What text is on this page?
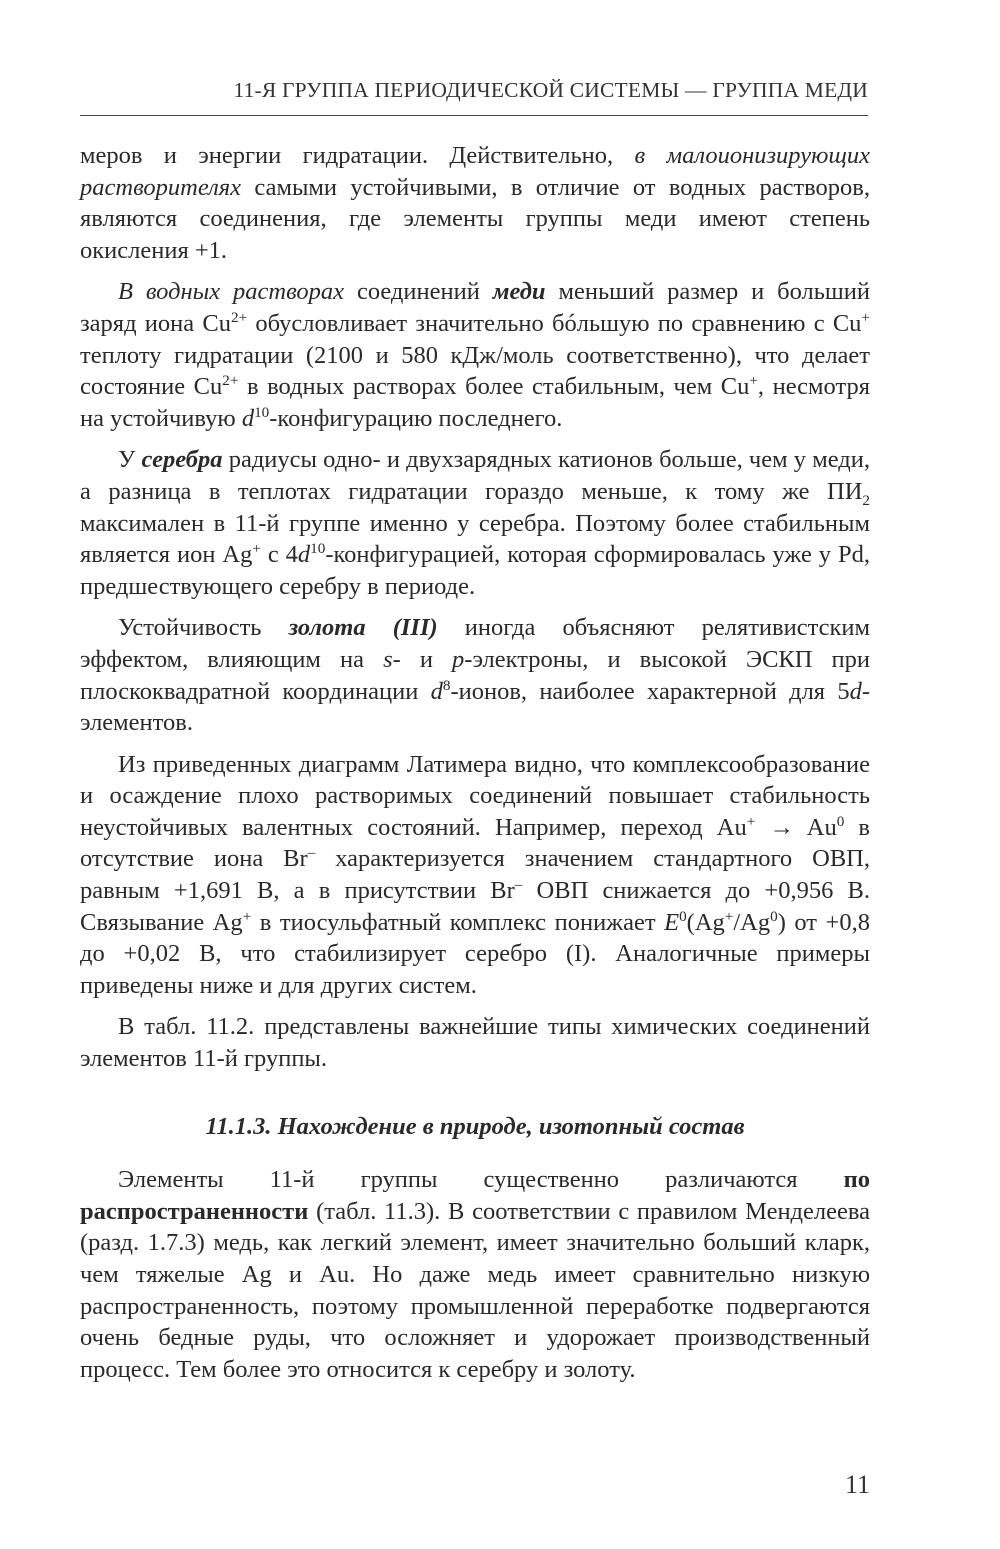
11-Я ГРУППА ПЕРИОДИЧЕСКОЙ СИСТЕМЫ — ГРУППА МЕДИ

меров и энергии гидратации. Действительно, в малоионизирующих растворителях самыми устойчивыми, в отличие от водных растворов, являются соединения, где элементы группы меди имеют степень окисления +1.

В водных растворах соединений меди меньший размер и больший заряд иона $Cu^{2+}$ обусловливает значительно бóльшую по сравнению с Cu+ теплоту гидратации (2100 и 580 кДж/моль соответственно), что делает состояние $Cu^{2+}$ в водных растворах более стабильным, чем Cu+, несмотря на устойчивую $d^{10}$-конфигурацию последнего.

У серебра радиусы одно- и двухзарядных катионов больше, чем у меди, а разница в теплотах гидратации гораздо меньше, к тому же $ПИ_2$ максимален в 11-й группе именно у серебра. Поэтому более стабильным является ион Ag+ с $4d^{10}$-конфигурацией, которая сформировалась уже у Pd, предшествующего серебру в периоде.

Устойчивость золота (III) иногда объясняют релятивистским эффектом, влияющим на s- и p-электроны, и высокой ЭСКП при плоскоквадратной координации $d^8$-ионов, наиболее характерной для 5d-элементов.

Из приведенных диаграмм Латимера видно, что комплексообразование и осаждение плохо растворимых соединений повышает стабильность неустойчивых валентных состояний. Например, переход $Au^+ \to Au^0$ в отсутствие иона Br– характеризуется значением стандартного ОВП, равным +1,691 В, а в присутствии Br– ОВП снижается до +0,956 В. Связывание Ag+ в тиосульфатный комплекс понижает $E^0(Ag^+/Ag^0)$ от +0,8 до +0,02 В, что стабилизирует серебро (I). Аналогичные примеры приведены ниже и для других систем.

В табл. 11.2. представлены важнейшие типы химических соединений элементов 11-й группы.

11.1.3. Нахождение в природе, изотопный состав

Элементы 11-й группы существенно различаются по распространенности (табл. 11.3). В соответствии с правилом Менделеева (разд. 1.7.3) медь, как легкий элемент, имеет значительно больший кларк, чем тяжелые Ag и Au. Но даже медь имеет сравнительно низкую распространенность, поэтому промышленной переработке подвергаются очень бедные руды, что осложняет и удорожает производственный процесс. Тем более это относится к серебру и золоту.

11
